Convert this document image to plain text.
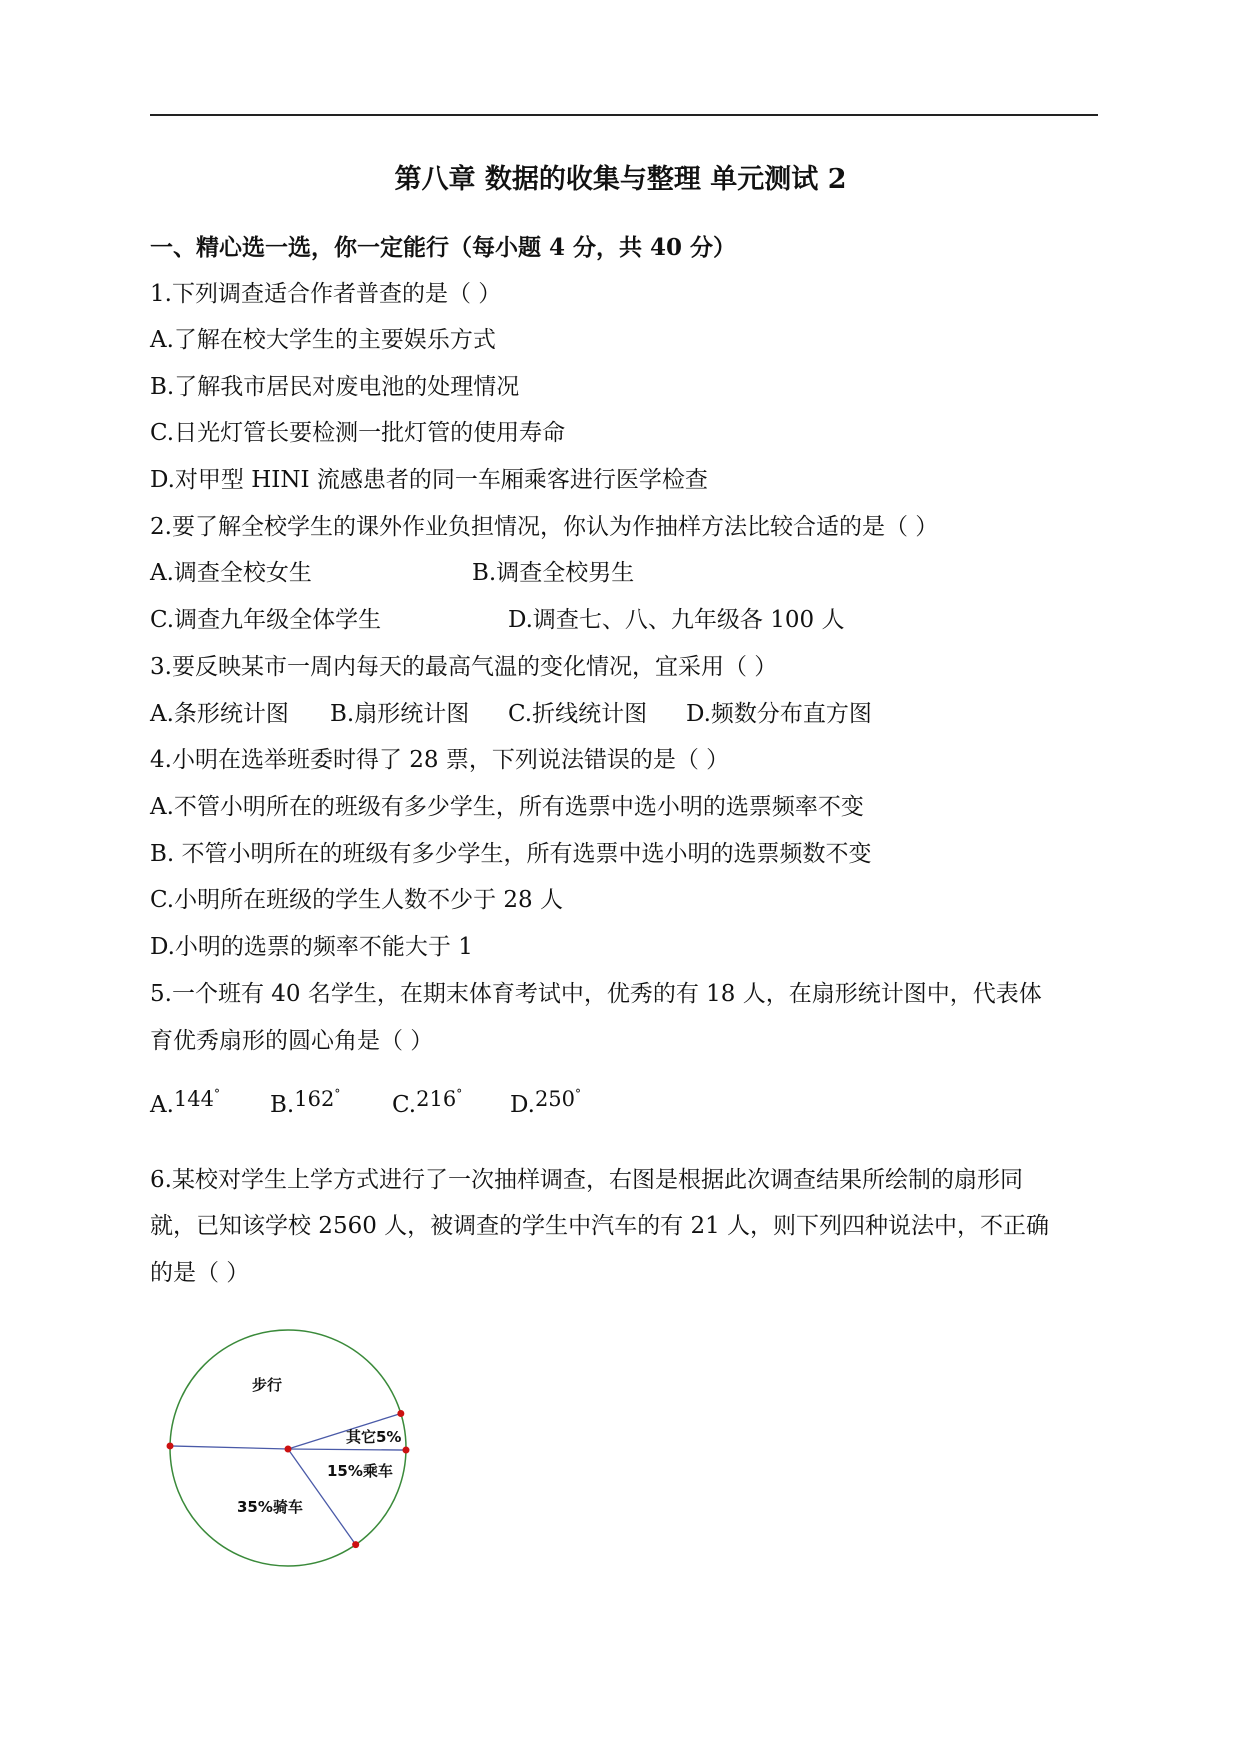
第八章 数据的收集与整理 单元测试 2
一、精心选一选，你一定能行（每小题 4 分，共 40 分）
1.下列调查适合作者普查的是（ ）
A.了解在校大学生的主要娱乐方式
B.了解我市居民对废电池的处理情况
C.日光灯管长要检测一批灯管的使用寿命
D.对甲型 HINI 流感患者的同一车厢乘客进行医学检查
2.要了解全校学生的课外作业负担情况，你认为作抽样方法比较合适的是（ ）
A.调查全校女生	B.调查全校男生
C.调查九年级全体学生	D.调查七、八、九年级各 100 人
3.要反映某市一周内每天的最高气温的变化情况，宜采用（ ）
A.条形统计图 B.扇形统计图 C.折线统计图 D.频数分布直方图
4.小明在选举班委时得了 28 票，下列说法错误的是（ ）
A.不管小明所在的班级有多少学生，所有选票中选小明的选票频率不变
B. 不管小明所在的班级有多少学生，所有选票中选小明的选票频数不变
C.小明所在班级的学生人数不少于 28 人
D.小明的选票的频率不能大于 1
5.一个班有 40 名学生，在期末体育考试中，优秀的有 18 人，在扇形统计图中，代表体
育优秀扇形的圆心角是（ ）
A.144° B.162° C.216° D.250°
6.某校对学生上学方式进行了一次抽样调查，右图是根据此次调查结果所绘制的扇形同
就，已知该学校 2560 人，被调查的学生中汽车的有 21 人，则下列四种说法中，不正确
的是（ ）
步行
其它5%
15%乘车
35%骑车
